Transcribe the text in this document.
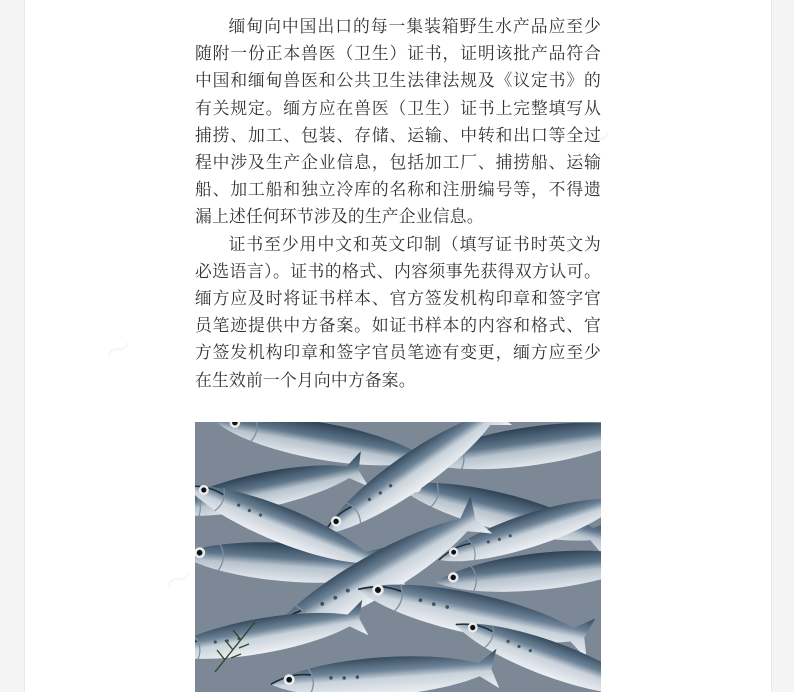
〜
〜
〜

缅甸向中国出口的每一集装箱野生水产品应至少随附一份正本兽医（卫生）证书，证明该批产品符合中国和缅甸兽医和公共卫生法律法规及《议定书》的有关规定。缅方应在兽医（卫生）证书上完整填写从捕捞、加工、包装、存储、运输、中转和出口等全过程中涉及生产企业信息，包括加工厂、捕捞船、运输船、加工船和独立冷库的名称和注册编号等，不得遗漏上述任何环节涉及的生产企业信息。

证书至少用中文和英文印制（填写证书时英文为必选语言）。证书的格式、内容须事先获得双方认可。缅方应及时将证书样本、官方签发机构印章和签字官员笔迹提供中方备案。如证书样本的内容和格式、官方签发机构印章和签字官员笔迹有变更，缅方应至少在生效前一个月向中方备案。
